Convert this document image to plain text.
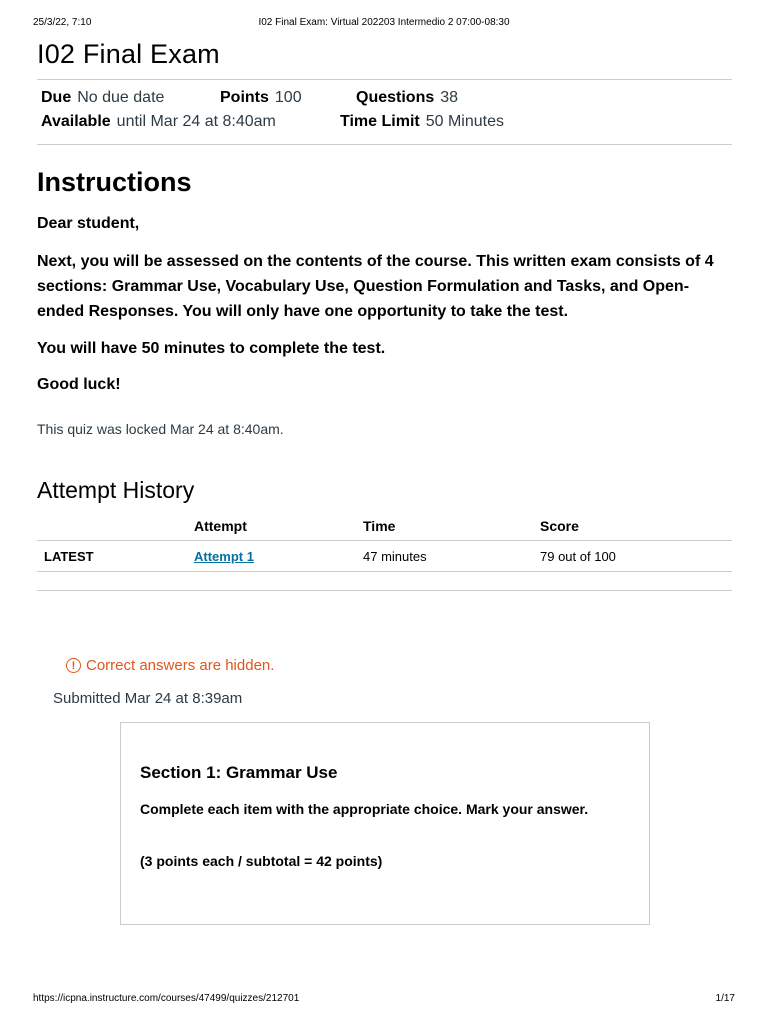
25/3/22, 7:10	I02 Final Exam: Virtual 202203 Intermedio 2 07:00-08:30
I02 Final Exam
Due No due date	Points 100	Questions 38
Available until Mar 24 at 8:40am	Time Limit 50 Minutes
Instructions

Dear student,

Next, you will be assessed on the contents of the course. This written exam consists of 4 sections: Grammar Use, Vocabulary Use, Question Formulation and Tasks, and Open-ended Responses. You will only have one opportunity to take the test.

You will have 50 minutes to complete the test.

Good luck!

This quiz was locked Mar 24 at 8:40am.

Attempt History
	Attempt	Time	Score
LATEST	Attempt 1	47 minutes	79 out of 100
! Correct answers are hidden.
Submitted Mar 24 at 8:39am
Section 1: Grammar Use
Complete each item with the appropriate choice. Mark your answer.
(3 points each / subtotal = 42 points)
https://icpna.instructure.com/courses/47499/quizzes/212701	1/17
